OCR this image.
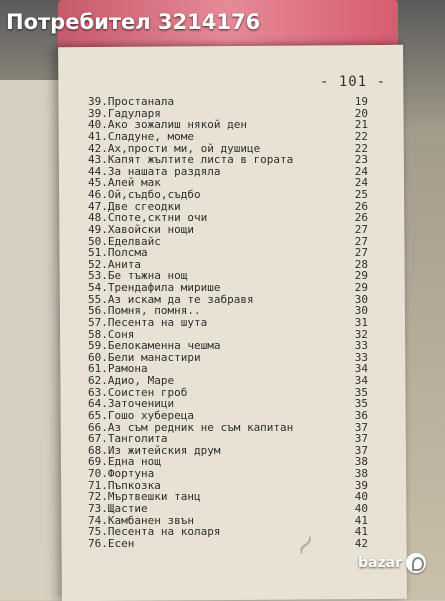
Потребител 3214176
- 101 -
39.Простанала	19
39.Гадуларя	20
40.Ако зожалиш някой ден	21
41.Сладуне, моме	22
42.Ах,прости ми, ой душице	22
43.Капят жълтите листа в гората	23
44.За нашата раздяла	24
45.Алей мак	24
46.Ой,съдбо,съдбо	25
47.Две сгеодки	26
48.Споте,сктни очи	26
49.Хавойски нощи	27
50.Еделвайс	27
51.Полсма	27
52.Анита	28
53.Бе тъжна нощ	29
54.Трендафила мирише	29
55.Аз искам да те забравя	30
56.Помня, помня..	30
57.Песента на шута	31
58.Соня	32
59.Белокаменна чешма	33
60.Бели манастири	33
61.Рамона	34
62.Адио, Маре	34
63.Соистен гроб	35
64.Заточеници	35
65.Гошо хубереца	36
66.Аз съм редник не съм капитан	37
67.Танголита	37
68.Из житейския друм	37
69.Една нощ	38
70.Фортуна	38
71.Пъпкозка	39
72.Мъртвешки танц	40
73.Щастие	40
74.Камбанен звън	41
75.Песента на коларя	41
76.Есен	42
~	bazar
